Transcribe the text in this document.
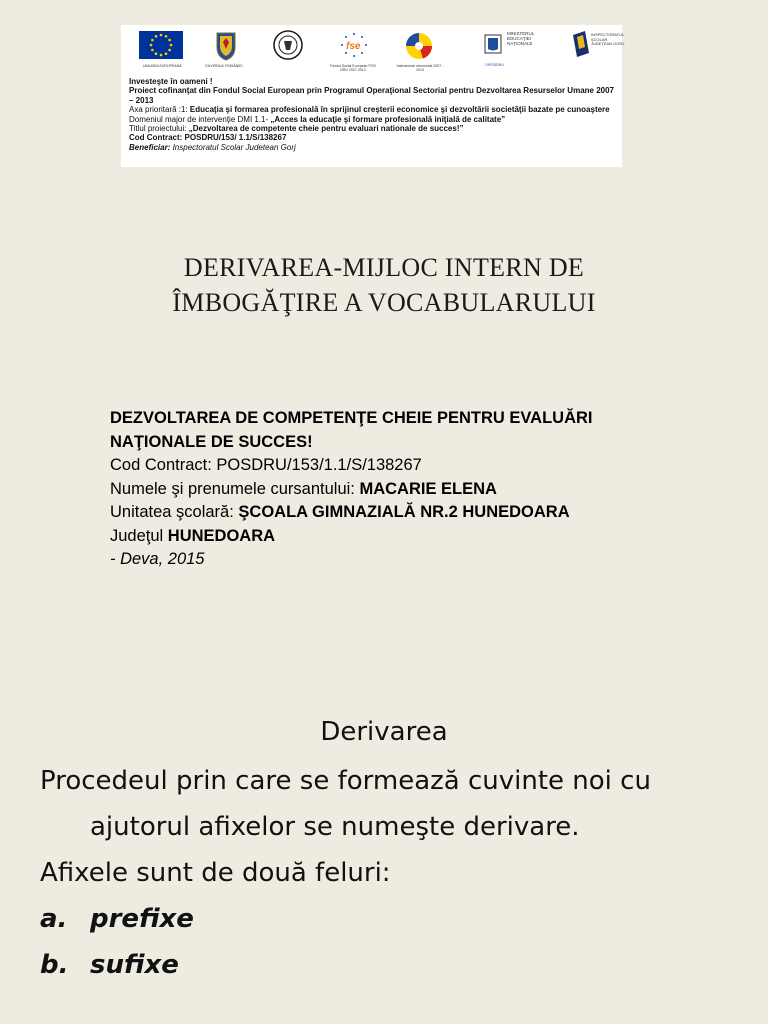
UNIUNEA EUROPEANĂ	GUVERNUL ROMÂNIEI
fse
Fondul Social European POS DRU 2007-2013
Instrumente structurale 2007 - 2013
MINISTERUL EDUCAŢIEI NAŢIONALE
OIPOSDRU
INSPECTORATUL ŞCOLAR JUDEŢEAN GORJ
Investeşte în oameni !
Proiect cofinanţat din Fondul Social European prin Programul Operaţional Sectorial pentru Dezvoltarea Resurselor Umane 2007 – 2013
Axa prioritară :1: Educaţia şi formarea profesională în sprijinul creşterii economice şi dezvoltării societăţii bazate pe cunoaştere
Domeniul major de intervenţie DMI 1.1- „Acces la educaţie şi formare profesională iniţială de calitate”
Titlul proiectului: „Dezvoltarea de competente cheie pentru evaluari nationale de succes!”
Cod Contract: POSDRU/153/ 1.1/S/138267
Beneficiar: Inspectoratul Scolar Judetean Gorj
DERIVAREA-MIJLOC INTERN DE
ÎMBOGĂŢIRE A VOCABULARULUI
DEZVOLTAREA DE COMPETENŢE CHEIE PENTRU EVALUĂRI
NAŢIONALE DE SUCCES!
Cod Contract: POSDRU/153/1.1/S/138267
Numele şi prenumele cursantului: MACARIE ELENA
Unitatea şcolară: ŞCOALA GIMNAZIALĂ NR.2 HUNEDOARA
Judeţul HUNEDOARA
- Deva, 2015
Derivarea
Procedeul prin care se formează cuvinte noi cu
ajutorul afixelor se numeşte derivare.
Afixele sunt de două feluri:
a. prefixe
b. sufixe
